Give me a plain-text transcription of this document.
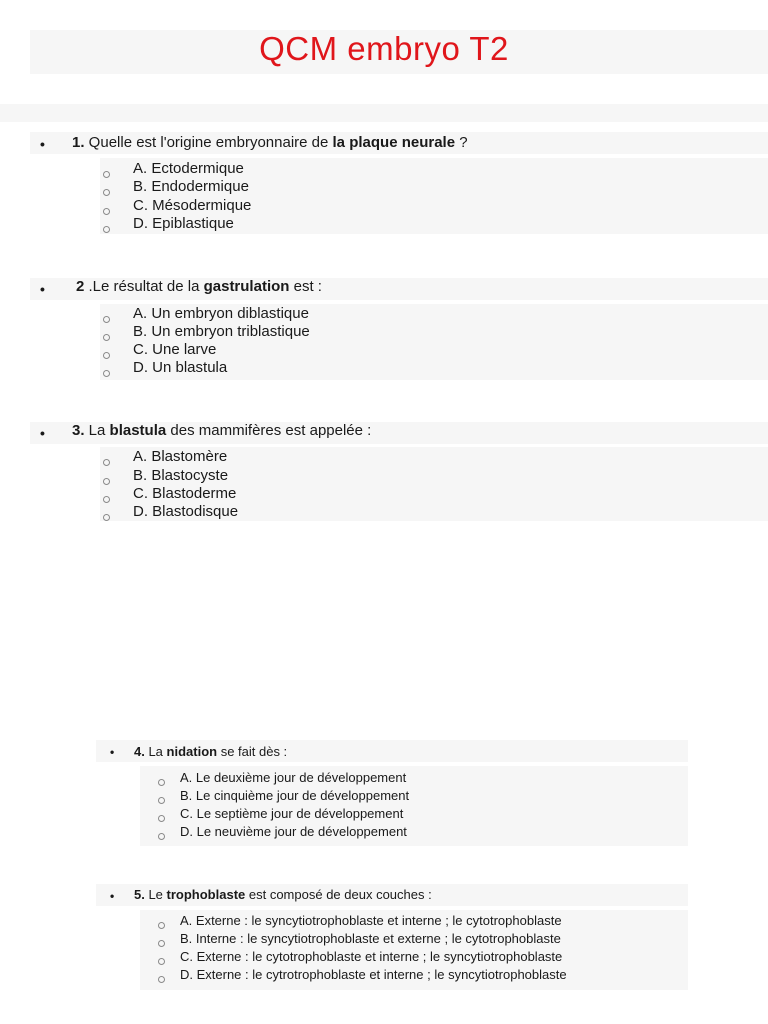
QCM embryo T2
• 1. Quelle est l'origine embryonnaire de la plaque neurale ?
A. Ectodermique
B. Endodermique
C. Mésodermique
D. Epiblastique
• 2 .Le résultat de la gastrulation est :
A. Un embryon diblastique
B. Un embryon triblastique
C. Une larve
D. Un blastula
• 3. La blastula des mammifères est appelée :
A. Blastomère
B. Blastocyste
C. Blastoderme
D. Blastodisque
• 4. La nidation se fait dès :
A. Le deuxième jour de développement
B. Le cinquième jour de développement
C. Le septième jour de développement
D. Le neuvième jour de développement
• 5. Le trophoblaste est composé de deux couches :
A. Externe : le syncytiotrophoblaste et interne ; le cytotrophoblaste
B. Interne : le syncytiotrophoblaste et externe ; le cytotrophoblaste
C. Externe : le cytotrophoblaste et interne ; le syncytiotrophoblaste
D. Externe : le cytrotrophoblaste et interne ; le syncytiotrophoblaste
